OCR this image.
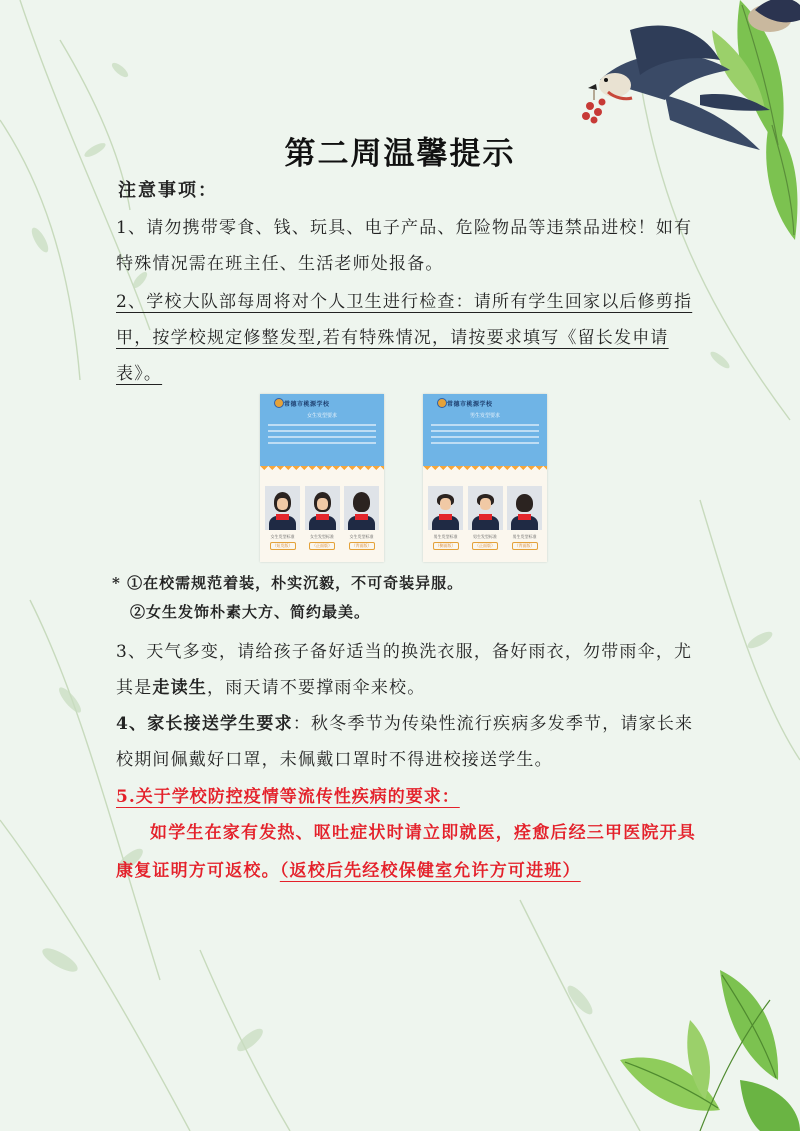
第二周温馨提示
注意事项：
1、请勿携带零食、钱、玩具、电子产品、危险物品等违禁品进校！如有特殊情况需在班主任、生活老师处报备。
2、学校大队部每周将对个人卫生进行检查：请所有学生回家以后修剪指甲，按学校规定修整发型,若有特殊情况，请按要求填写《留长发申请表》。
常德市桃源学校
女生发型要求
女生发型标准
（短发版）
女生发型标准
（正面版）
女生发型标准
（背面版）
常德市桃源学校
男生发型要求
男生发型标准
（侧面版）
男生发型标准
（正面版）
男生发型标准
（背面版）
* ①在校需规范着装，朴实沉毅，不可奇装异服。
②女生发饰朴素大方、简约最美。
3、天气多变，请给孩子备好适当的换洗衣服，备好雨衣，勿带雨伞，尤其是走读生，雨天请不要撑雨伞来校。
4、家长接送学生要求：秋冬季节为传染性流行疾病多发季节，请家长来校期间佩戴好口罩，未佩戴口罩时不得进校接送学生。
5.关于学校防控疫情等流传性疾病的要求：
如学生在家有发热、呕吐症状时请立即就医，痊愈后经三甲医院开具康复证明方可返校。（返校后先经校保健室允许方可进班）
